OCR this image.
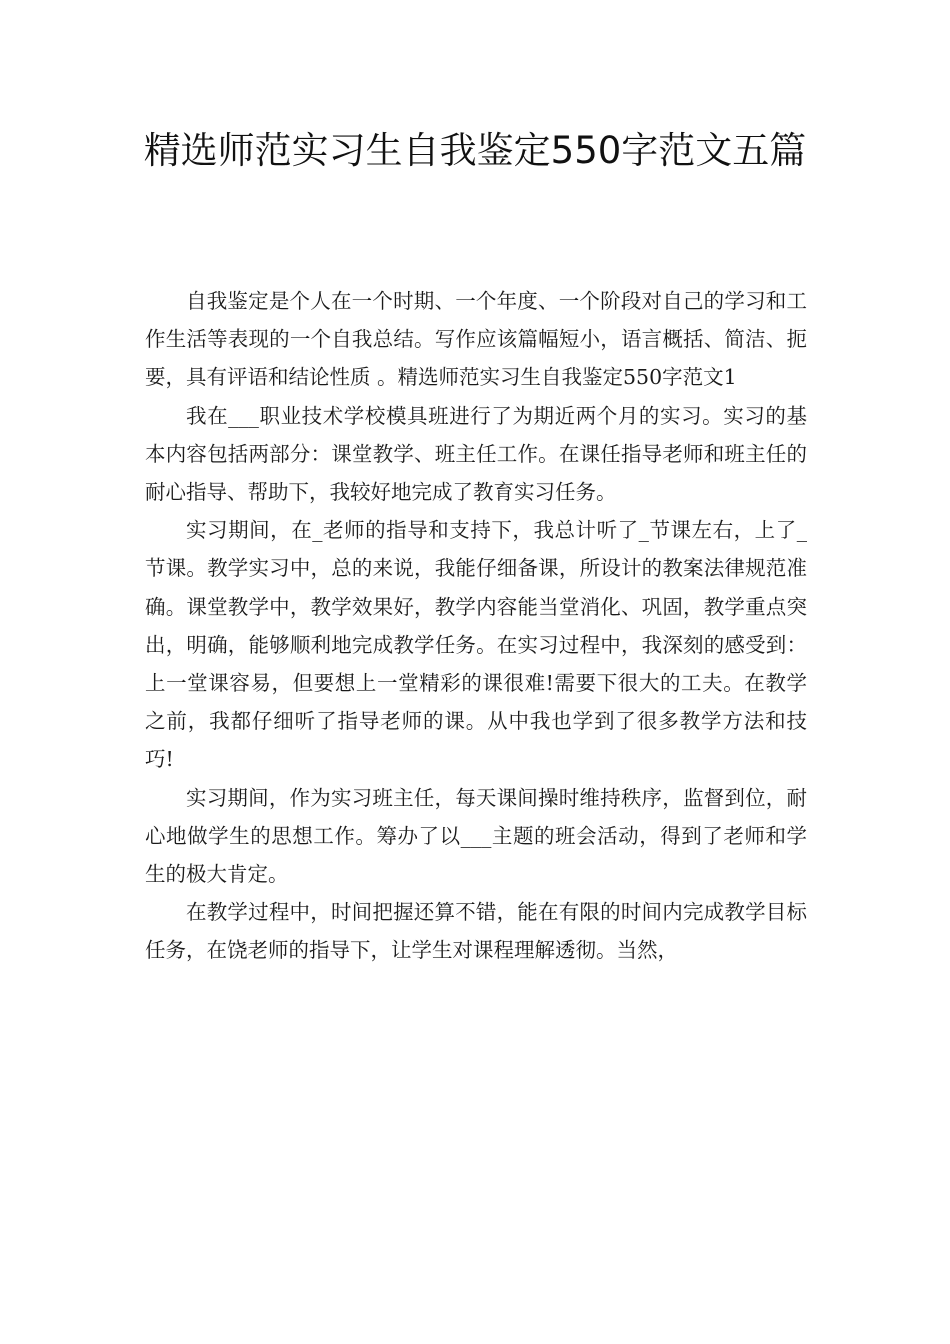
精选师范实习生自我鉴定550字范文五篇

自我鉴定是个人在一个时期、一个年度、一个阶段对自己的学习和工作生活等表现的一个自我总结。写作应该篇幅短小，语言概括、简洁、扼要，具有评语和结论性质 。精选师范实习生自我鉴定550字范文1

我在___职业技术学校模具班进行了为期近两个月的实习。实习的基本内容包括两部分：课堂教学、班主任工作。在课任指导老师和班主任的耐心指导、帮助下，我较好地完成了教育实习任务。

实习期间，在_老师的指导和支持下，我总计听了_节课左右，上了_节课。教学实习中，总的来说，我能仔细备课，所设计的教案法律规范准确。课堂教学中，教学效果好，教学内容能当堂消化、巩固，教学重点突出，明确，能够顺利地完成教学任务。在实习过程中，我深刻的感受到：上一堂课容易，但要想上一堂精彩的课很难!需要下很大的工夫。在教学之前，我都仔细听了指导老师的课。从中我也学到了很多教学方法和技巧!

实习期间，作为实习班主任，每天课间操时维持秩序，监督到位，耐心地做学生的思想工作。筹办了以___主题的班会活动，得到了老师和学生的极大肯定。

在教学过程中，时间把握还算不错，能在有限的时间内完成教学目标任务，在饶老师的指导下，让学生对课程理解透彻。当然，
